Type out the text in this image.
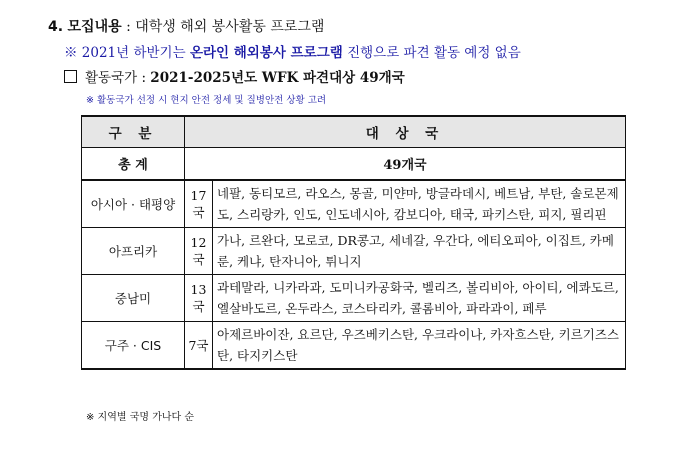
4. 모집내용 : 대학생 해외 봉사활동 프로그램
※ 2021년 하반기는 온라인 해외봉사 프로그램 진행으로 파견 활동 예정 없음
활동국가 : 2021-2025년도 WFK 파견대상 49개국
※ 활동국가 선정 시 현지 안전 정세 및 질병안전 상황 고려
구 분	대 상 국	
총 계	49개국	
아시아 · 태평양	17국	네팔, 동티모르, 라오스, 몽골, 미얀마, 방글라데시, 베트남, 부탄, 솔로몬제도, 스리랑카, 인도, 인도네시아, 캄보디아, 태국, 파키스탄, 피지, 필리핀
아프리카	12국	가나, 르완다, 모로코, DR콩고, 세네갈, 우간다, 에티오피아, 이집트, 카메룬, 케냐, 탄자니아, 튀니지
중남미	13국	과테말라, 니카라과, 도미니카공화국, 벨리즈, 볼리비아, 아이티, 에콰도르, 엘살바도르, 온두라스, 코스타리카, 콜롬비아, 파라과이, 페루
구주 · CIS	7국	아제르바이잔, 요르단, 우즈베키스탄, 우크라이나, 카자흐스탄, 키르기즈스탄, 타지키스탄
※ 지역별 국명 가나다 순
